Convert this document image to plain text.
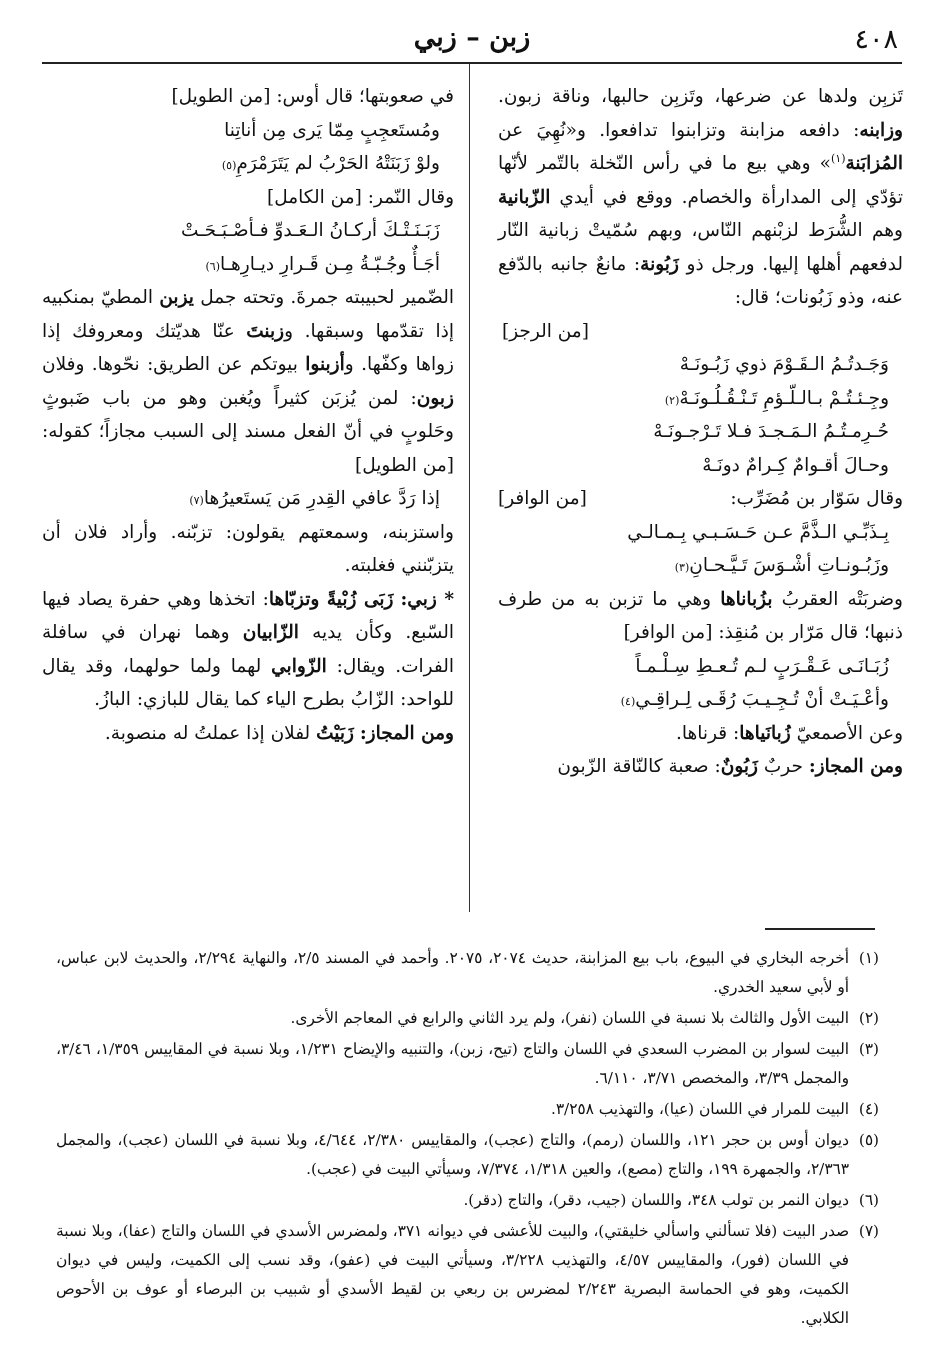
٤٠٨
زبن – زبي

تَزبِن ولدها عن ضرعها، وتَزبِن حالبها، وناقة زبون. وزابنه: دافعه مزابنة وتزابنوا تدافعوا. و«نُهِيَ عن المُزابَنة$^{(١)}$» وهي بيع ما في رأس النّخلة بالتّمر لأنّها تؤدّي إلى المدارأة والخصام. ووقع في أيدي الزّبانية وهم الشُّرَط لزبْنهم النّاس، وبهم سُمّيتْ زبانية النّار لدفعهم أهلها إليها. ورجل ذو زَبُونة: مانعٌ جانبه بالدّفع عنه، وذو زَبُونات؛ قال:

[من الرجز]
وَجَـدتُـمُ الـقَـوْمَ ذوي زَبُـونَـهْ
وجِـئـتُـمْ بـالـلّـؤمِ تَـنْـقُـلُـونَـهْ
(٢)
حُـرِمـتُـمُ الـمَـجـدَ فـلا تَـرْجـونَـهْ
وحـالَ أقـوامٌ كِـرامٌ دونَـهْ

وقال سَوّار بن مُضَرِّب:
[من الوافر]

بِـذَبِّـي الـذَّمَّ عـن حَـسَـبـي بِـمـالـي
وزَبُـونـاتِ أشْـوَسَ تَـيَّـحـانِ
(٣)

وضربَتْه العقربُ بزُباناها وهي ما تزبن به من طرف ذنبها؛ قال مَرّار بن مُنقِذ: [من الوافر]

زُبَـانَـى عَـقْـرَبٍ لـم تُـعـطِ سِـلْـمـاً
وأعْـيَـتْ أنْ تُـجِـيـبَ رُقَـى لِـراقِـي
(٤)

وعن الأصمعيّ زُبانَياها: قرناها.

ومن المجاز: حربٌ زَبُونٌ: صعبة كالنّاقة الزّبون

في صعوبتها؛ قال أوس: [من الطويل]

ومُستَعجِبٍ مِمّا يَرى مِن أناتِنا
ولوْ زَبَنَتْهُ الحَرْبُ لم يَتَرَمْرَمِ
(٥)

وقال النّمر: [من الكامل]

زَبَـنَـتْـكَ أركـانُ الـعَـدوِّ فـأصْـبَـحَـتْ
أجَـأٌ وجُـبّـةُ مِـن قَـرارِ ديـارِهـا
(٦)

الضّمير لحبيبته جمرةَ. وتحته جمل يزبن المطيّ بمنكبيه إذا تقدّمها وسبقها. وزبنتَ عنّا هديّتك ومعروفك إذا زواها وكفّها. وأزبنوا بيوتكم عن الطريق: نحّوها. وفلان زبون: لمن يُزبَن كثيراً ويُغبن وهو من باب ضَبوثٍ وحَلوبٍ في أنّ الفعل مسند إلى السبب مجازاً؛ كقوله: [من الطويل]

إذا رَدَّ عافي القِدرِ مَن يَستَعيرُها
(٧)

واستزبنه، وسمعتهم يقولون: تزبّنه. وأراد فلان أن يتزبّنني فغلبته.

* زبي: زَبَى زُبْيةً وتزبّاها: اتخذها وهي حفرة يصاد فيها السّبع. وكأن يديه الزّابيان وهما نهران في سافلة الفرات. ويقال: الزّوابي لهما ولما حولهما، وقد يقال للواحد: الزّابُ بطرح الياء كما يقال للبازي: البازُ.

ومن المجاز: زَبَيْتُ لفلان إذا عملتُ له منصوبة.

(١)أخرجه البخاري في البيوع، باب بيع المزابنة، حديث ٢٠٧٤، ٢٠٧٥. وأحمد في المسند ٢/٥، والنهاية ٢/٢٩٤، والحديث لابن عباس، أو لأبي سعيد الخدري.

(٢)البيت الأول والثالث بلا نسبة في اللسان (نفر)، ولم يرد الثاني والرابع في المعاجم الأخرى.

(٣)البيت لسوار بن المضرب السعدي في اللسان والتاج (تيح، زبن)، والتنبيه والإيضاح ١/٢٣١، وبلا نسبة في المقاييس ١/٣٥٩، ٣/٤٦، والمجمل ٣/٣٩، والمخصص ٣/٧١، ٦/١١٠.

(٤)البيت للمرار في اللسان (عيا)، والتهذيب ٣/٢٥٨.

(٥)ديوان أوس بن حجر ١٢١، واللسان (رمم)، والتاج (عجب)، والمقاييس ٢/٣٨٠، ٤/٦٤٤، وبلا نسبة في اللسان (عجب)، والمجمل ٢/٣٦٣، والجمهرة ١٩٩، والتاج (مصع)، والعين ١/٣١٨، ٧/٣٧٤، وسيأتي البيت في (عجب).

(٦)ديوان النمر بن تولب ٣٤٨، واللسان (جيب، دقر)، والتاج (دقر).

(٧)صدر البيت (فلا تسألني واسألي خليقتي)، والبيت للأعشى في ديوانه ٣٧١، ولمضرس الأسدي في اللسان والتاج (عفا)، وبلا نسبة في اللسان (فور)، والمقاييس ٤/٥٧، والتهذيب ٣/٢٢٨، وسيأتي البيت في (عفو)، وقد نسب إلى الكميت، وليس في ديوان الكميت، وهو في الحماسة البصرية ٢/٢٤٣ لمضرس بن ربعي بن لقيط الأسدي أو شبيب بن البرصاء أو عوف بن الأحوص الكلابي.
